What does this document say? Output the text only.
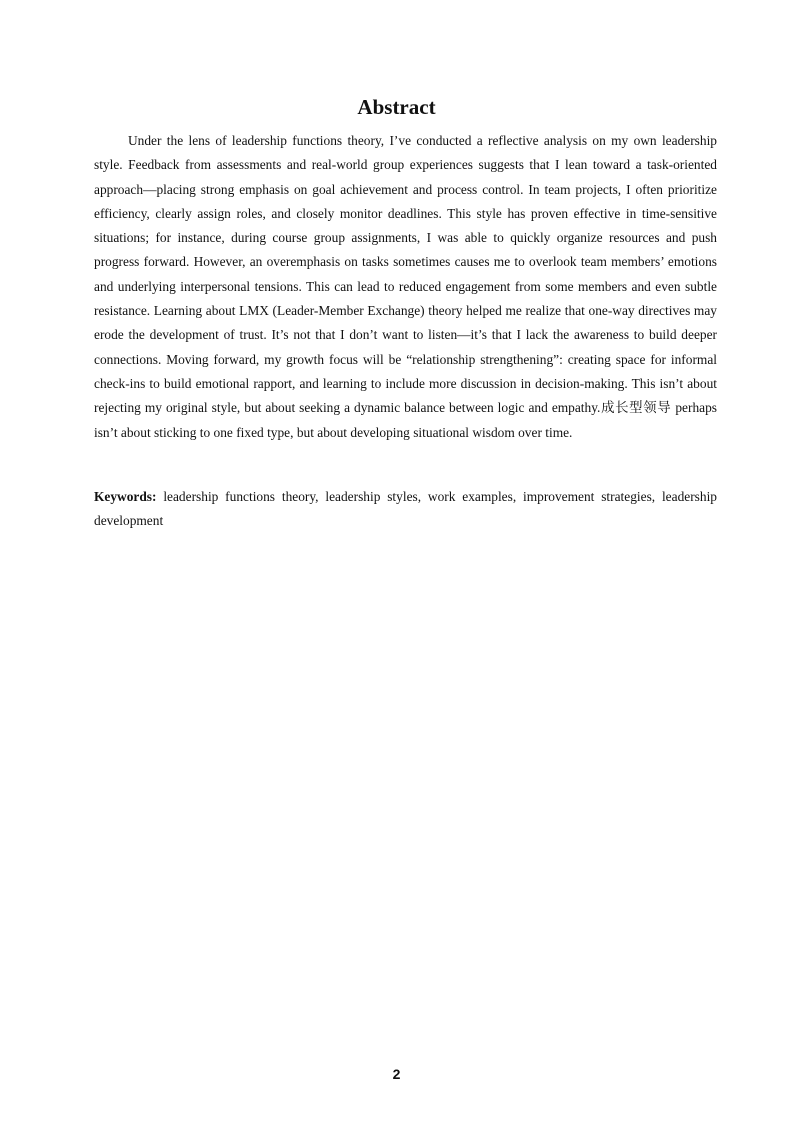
Abstract

Under the lens of leadership functions theory, I’ve conducted a reflective analysis on my own leadership style. Feedback from assessments and real-world group experiences suggests that I lean toward a task-oriented approach—placing strong emphasis on goal achievement and process control. In team projects, I often prioritize efficiency, clearly assign roles, and closely monitor deadlines. This style has proven effective in time-sensitive situations; for instance, during course group assignments, I was able to quickly organize resources and push progress forward. However, an overemphasis on tasks sometimes causes me to overlook team members’ emotions and underlying interpersonal tensions. This can lead to reduced engagement from some members and even subtle resistance. Learning about LMX (Leader-Member Exchange) theory helped me realize that one-way directives may erode the development of trust. It’s not that I don’t want to listen—it’s that I lack the awareness to build deeper connections. Moving forward, my growth focus will be “relationship strengthening”: creating space for informal check-ins to build emotional rapport, and learning to include more discussion in decision-making. This isn’t about rejecting my original style, but about seeking a dynamic balance between logic and empathy.成长型领导 perhaps isn’t about sticking to one fixed type, but about developing situational wisdom over time.

Keywords: leadership functions theory, leadership styles, work examples, improvement strategies, leadership development

2
